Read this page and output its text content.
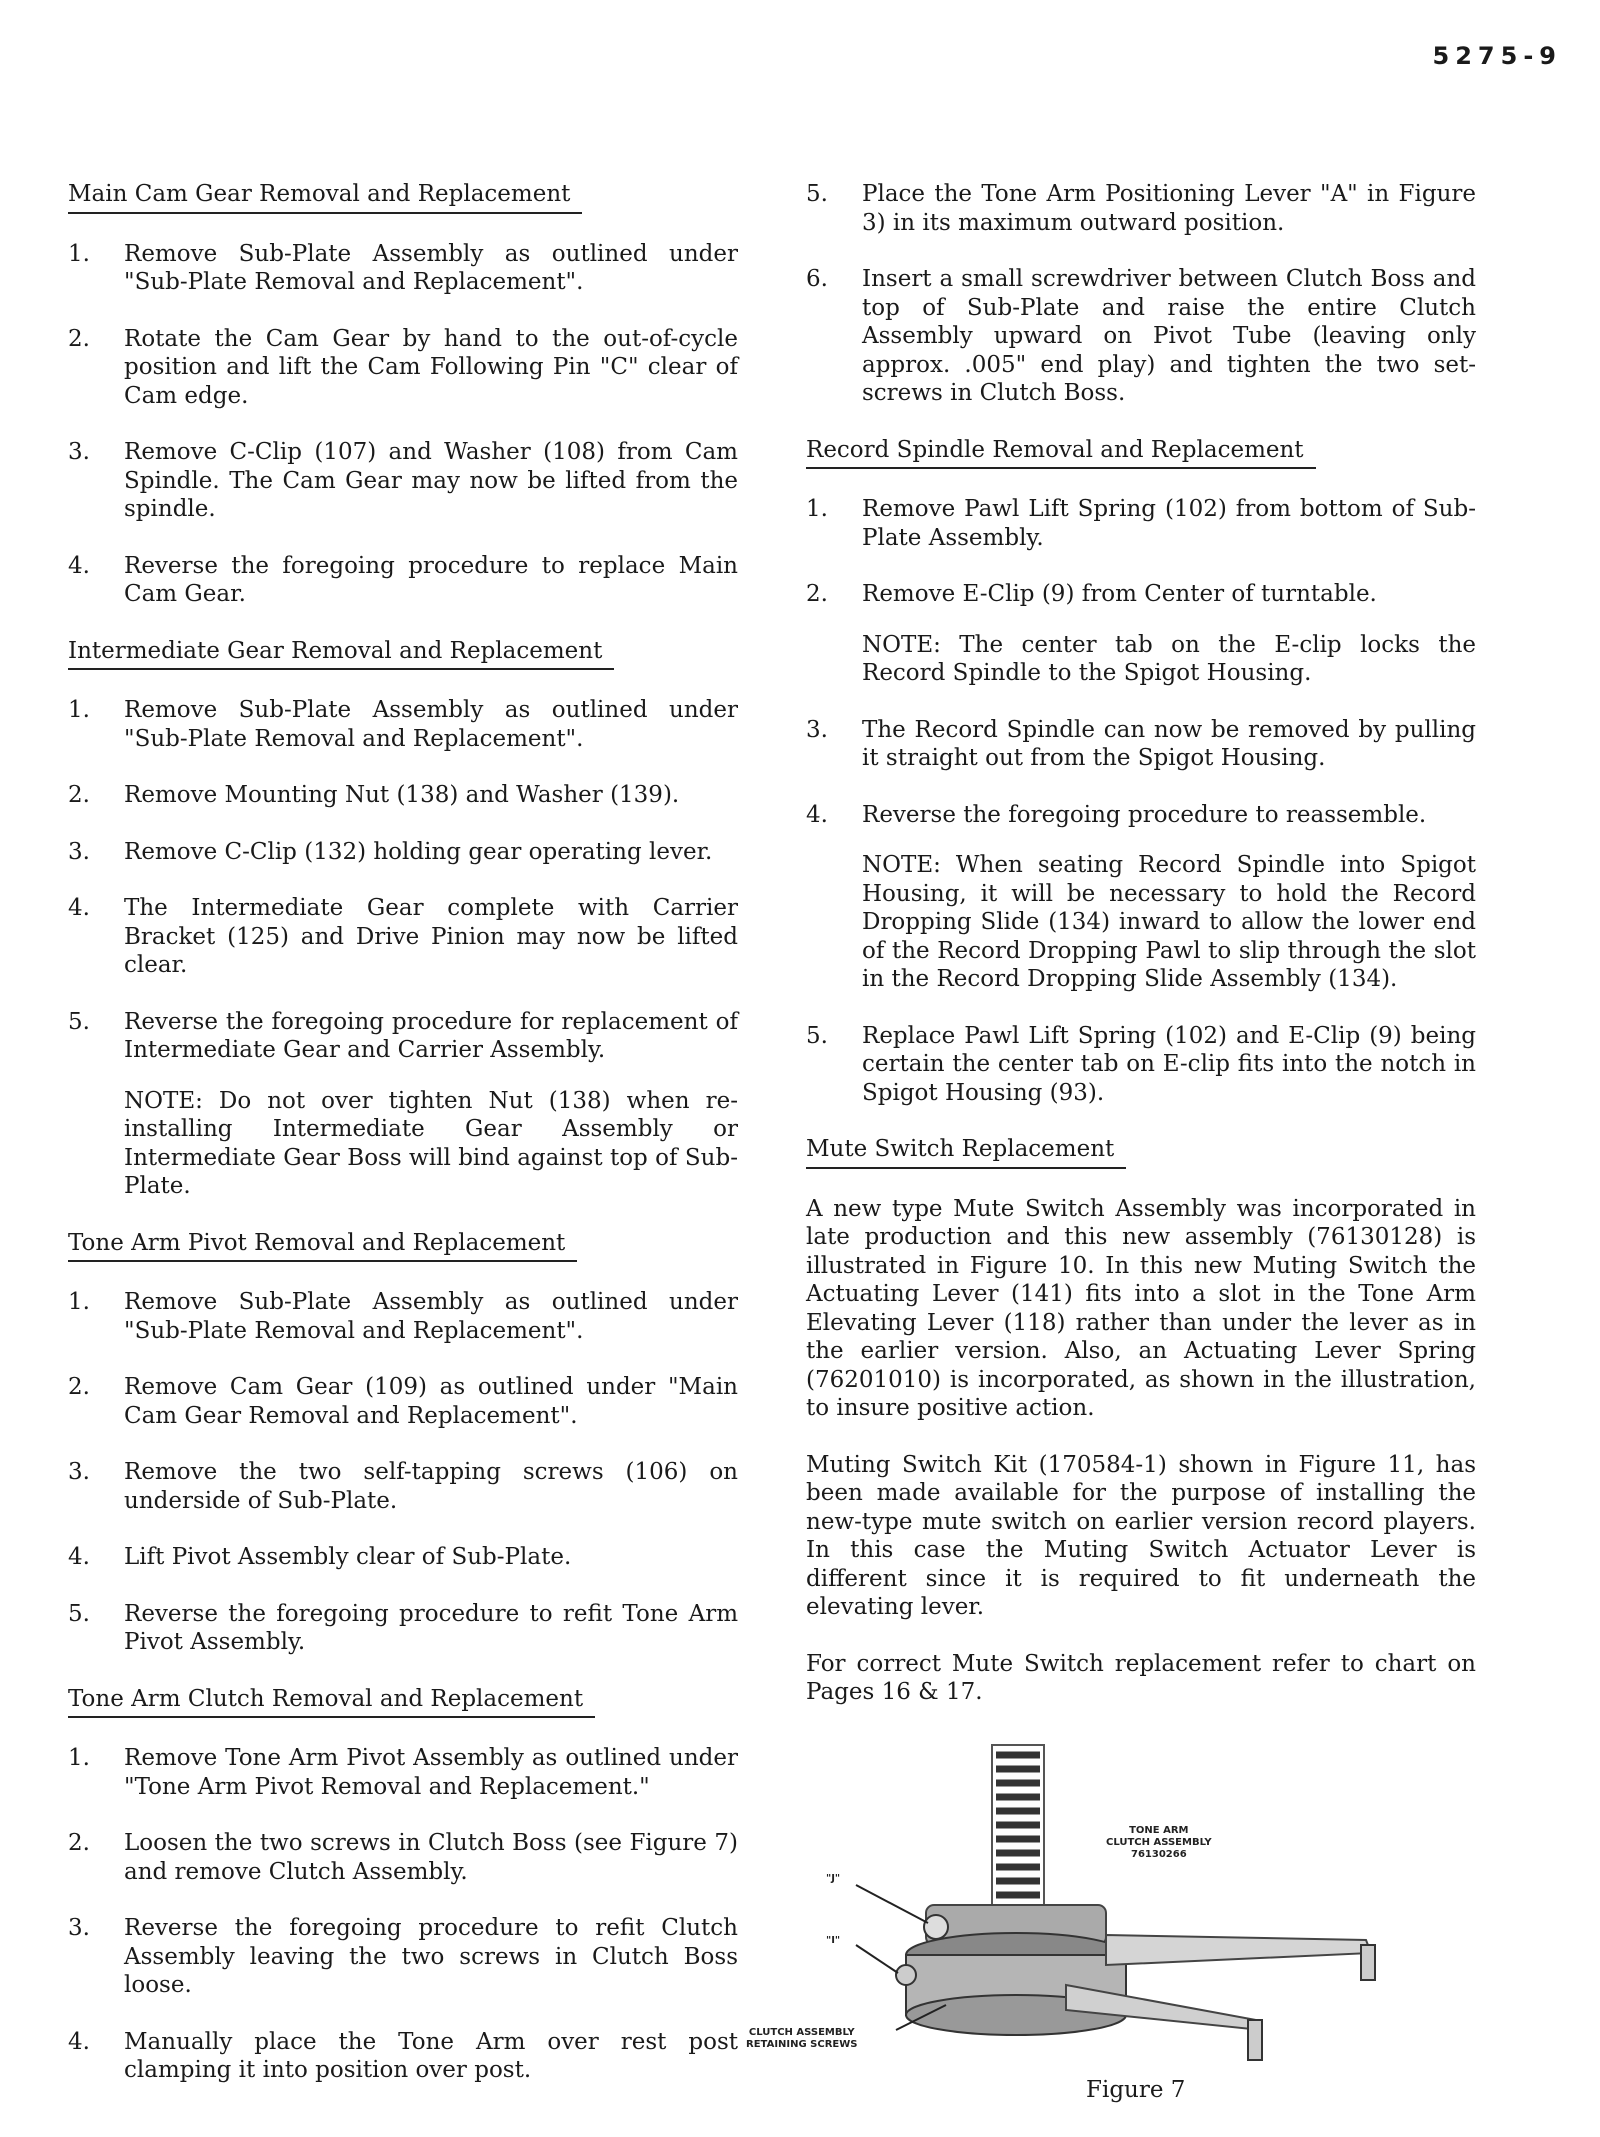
5275-9
Main Cam Gear Removal and Replacement
1.	Remove Sub-Plate Assembly as outlined under "Sub-Plate Removal and Replacement".
2.	Rotate the Cam Gear by hand to the out-of-cycle position and lift the Cam Following Pin "C" clear of Cam edge.
3.	Remove C-Clip (107) and Washer (108) from Cam Spindle. The Cam Gear may now be lifted from the spindle.
4.	Reverse the foregoing procedure to replace Main Cam Gear.
Intermediate Gear Removal and Replacement
1.	Remove Sub-Plate Assembly as outlined under "Sub-Plate Removal and Replacement".
2.	Remove Mounting Nut (138) and Washer (139).
3.	Remove C-Clip (132) holding gear operating lever.
4.	The Intermediate Gear complete with Carrier Bracket (125) and Drive Pinion may now be lifted clear.
5.	Reverse the foregoing procedure for replacement of Intermediate Gear and Carrier Assembly.
NOTE: Do not over tighten Nut (138) when re-installing Intermediate Gear Assembly or Intermediate Gear Boss will bind against top of Sub-Plate.
Tone Arm Pivot Removal and Replacement
1.	Remove Sub-Plate Assembly as outlined under "Sub-Plate Removal and Replacement".
2.	Remove Cam Gear (109) as outlined under "Main Cam Gear Removal and Replacement".
3.	Remove the two self-tapping screws (106) on underside of Sub-Plate.
4.	Lift Pivot Assembly clear of Sub-Plate.
5.	Reverse the foregoing procedure to refit Tone Arm Pivot Assembly.
Tone Arm Clutch Removal and Replacement
1.	Remove Tone Arm Pivot Assembly as outlined under "Tone Arm Pivot Removal and Replacement."
2.	Loosen the two screws in Clutch Boss (see Figure 7) and remove Clutch Assembly.
3.	Reverse the foregoing procedure to refit Clutch Assembly leaving the two screws in Clutch Boss loose.
4.	Manually place the Tone Arm over rest post clamping it into position over post.
5.	Place the Tone Arm Positioning Lever "A" in Figure 3) in its maximum outward position.
6.	Insert a small screwdriver between Clutch Boss and top of Sub-Plate and raise the entire Clutch Assembly upward on Pivot Tube (leaving only approx. .005" end play) and tighten the two set-screws in Clutch Boss.
Record Spindle Removal and Replacement
1.	Remove Pawl Lift Spring (102) from bottom of Sub-Plate Assembly.
2.	Remove E-Clip (9) from Center of turntable.
NOTE: The center tab on the E-clip locks the Record Spindle to the Spigot Housing.
3.	The Record Spindle can now be removed by pulling it straight out from the Spigot Housing.
4.	Reverse the foregoing procedure to reassemble.
NOTE: When seating Record Spindle into Spigot Housing, it will be necessary to hold the Record Dropping Slide (134) inward to allow the lower end of the Record Dropping Pawl to slip through the slot in the Record Dropping Slide Assembly (134).
5.	Replace Pawl Lift Spring (102) and E-Clip (9) being certain the center tab on E-clip fits into the notch in Spigot Housing (93).
Mute Switch Replacement
A new type Mute Switch Assembly was incorporated in late production and this new assembly (76130128) is illustrated in Figure 10. In this new Muting Switch the Actuating Lever (141) fits into a slot in the Tone Arm Elevating Lever (118) rather than under the lever as in the earlier version. Also, an Actuating Lever Spring (76201010) is incorporated, as shown in the illustration, to insure positive action.
Muting Switch Kit (170584-1) shown in Figure 11, has been made available for the purpose of installing the new-type mute switch on earlier version record players. In this case the Muting Switch Actuator Lever is different since it is required to fit underneath the elevating lever.
For correct Mute Switch replacement refer to chart on Pages 16 & 17.
TONE ARM
CLUTCH ASSEMBLY
76130266
"J"
"I"
CLUTCH ASSEMBLY
RETAINING SCREWS
Figure 7
